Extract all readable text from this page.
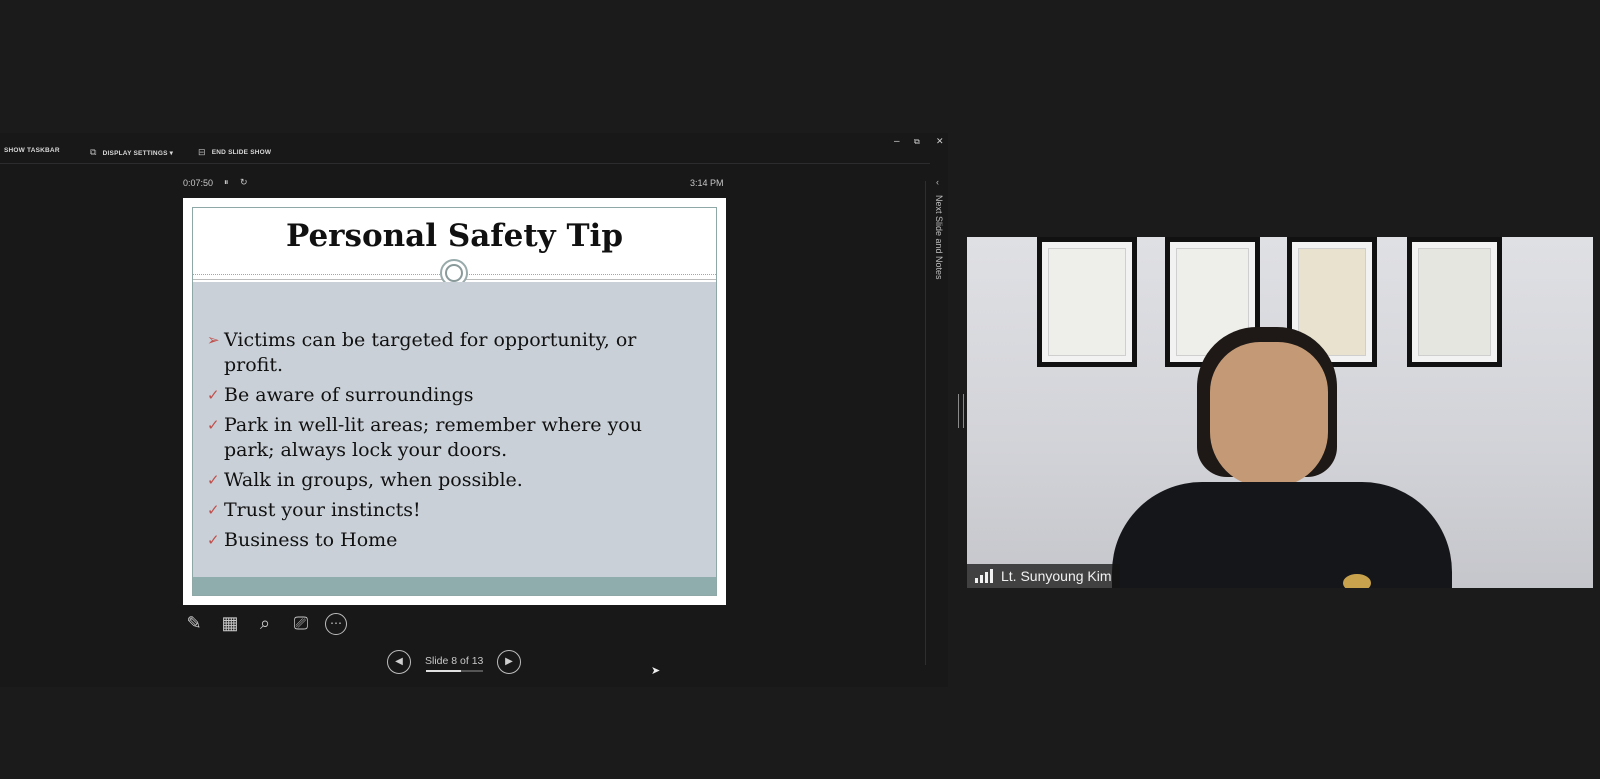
SHOW TASKBAR	⧉ DISPLAY SETTINGS ▾	⊟ END SLIDE SHOW
– ⧉ ✕
0:07:50 ⏸ ↻	3:14 PM
Personal Safety Tip
➢ Victims can be targeted for opportunity, or profit.
✓ Be aware of surroundings
✓ Park in well-lit areas; remember where you park; always lock your doors.
✓ Walk in groups, when possible.
✓ Trust your instincts!
✓ Business to Home
✎ ▦	⌕	⎚	⋯
◀	Slide 8 of 13	▶
‹
Next Slide and Notes
Lt. Sunyoung Kim
➤
